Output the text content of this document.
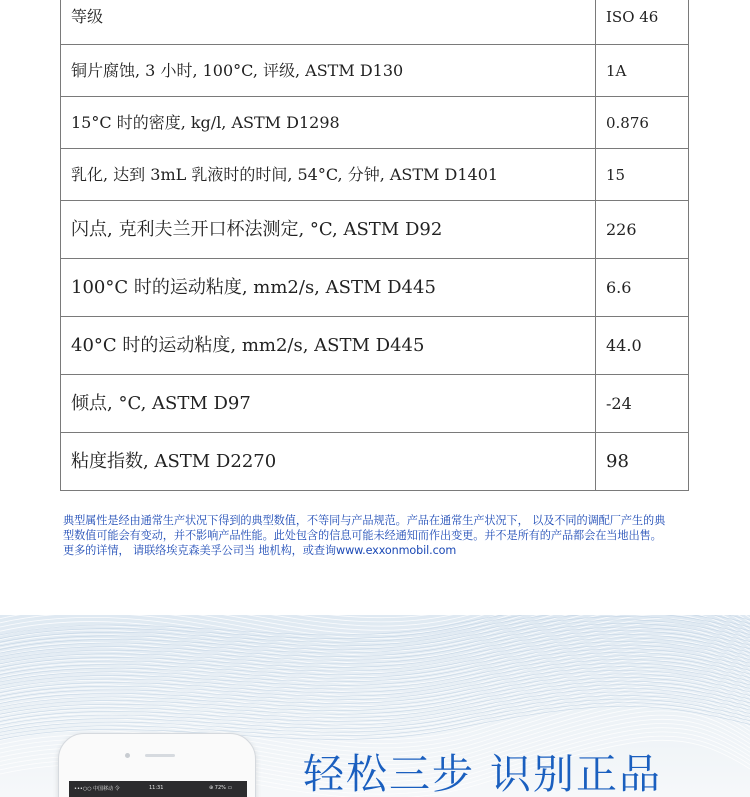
等级	ISO 46
铜片腐蚀, 3 小时, 100°C, 评级, ASTM D130	1A
15°C 时的密度, kg/l, ASTM D1298	0.876
乳化, 达到 3mL 乳液时的时间, 54°C, 分钟, ASTM D1401	15
闪点, 克利夫兰开口杯法测定, °C, ASTM D92	226
100°C 时的运动粘度, mm2/s, ASTM D445	6.6
40°C 时的运动粘度, mm2/s, ASTM D445	44.0
倾点, °C, ASTM D97	-24
粘度指数, ASTM D2270	98
典型属性是经由通常生产状况下得到的典型数值，不等同与产品规范。产品在通常生产状况下， 以及不同的调配厂产生的典型数值可能会有变动，并不影响产品性能。此处包含的信息可能未经通知而作出变更。并不是所有的产品都会在当地出售。 更多的详情， 请联络埃克森美孚公司当 地机构，或查询www.exxonmobil.com
•••○○ 中国移动 令	11:31	⊕ 72% ▭ 轻松三步 识别正品
